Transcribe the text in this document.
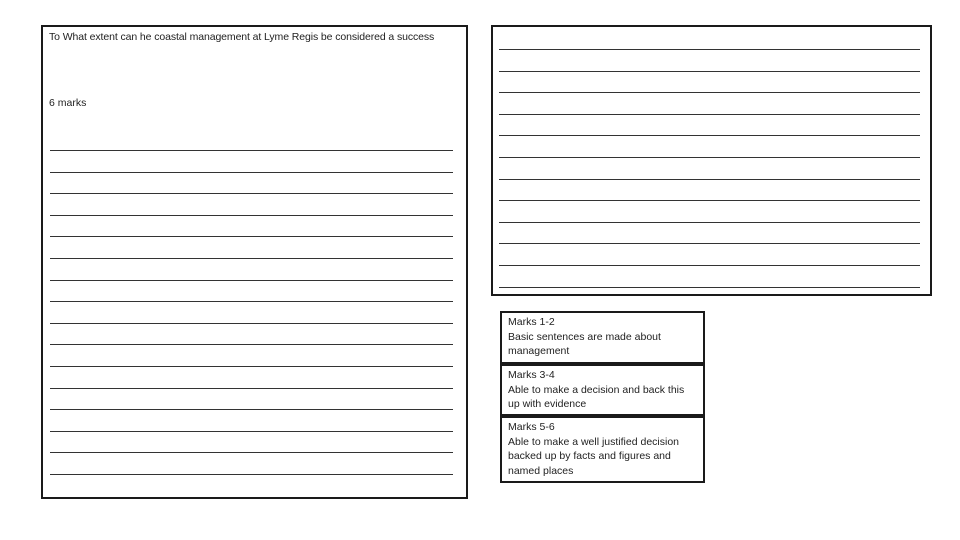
To What extent can he coastal management at Lyme Regis be considered a success
6 marks
Marks 1-2
Basic sentences are made about
management
Marks 3-4
Able to make a decision and back this
up with evidence
Marks 5-6
Able to make a well justified decision
backed up by facts and figures and
named places
